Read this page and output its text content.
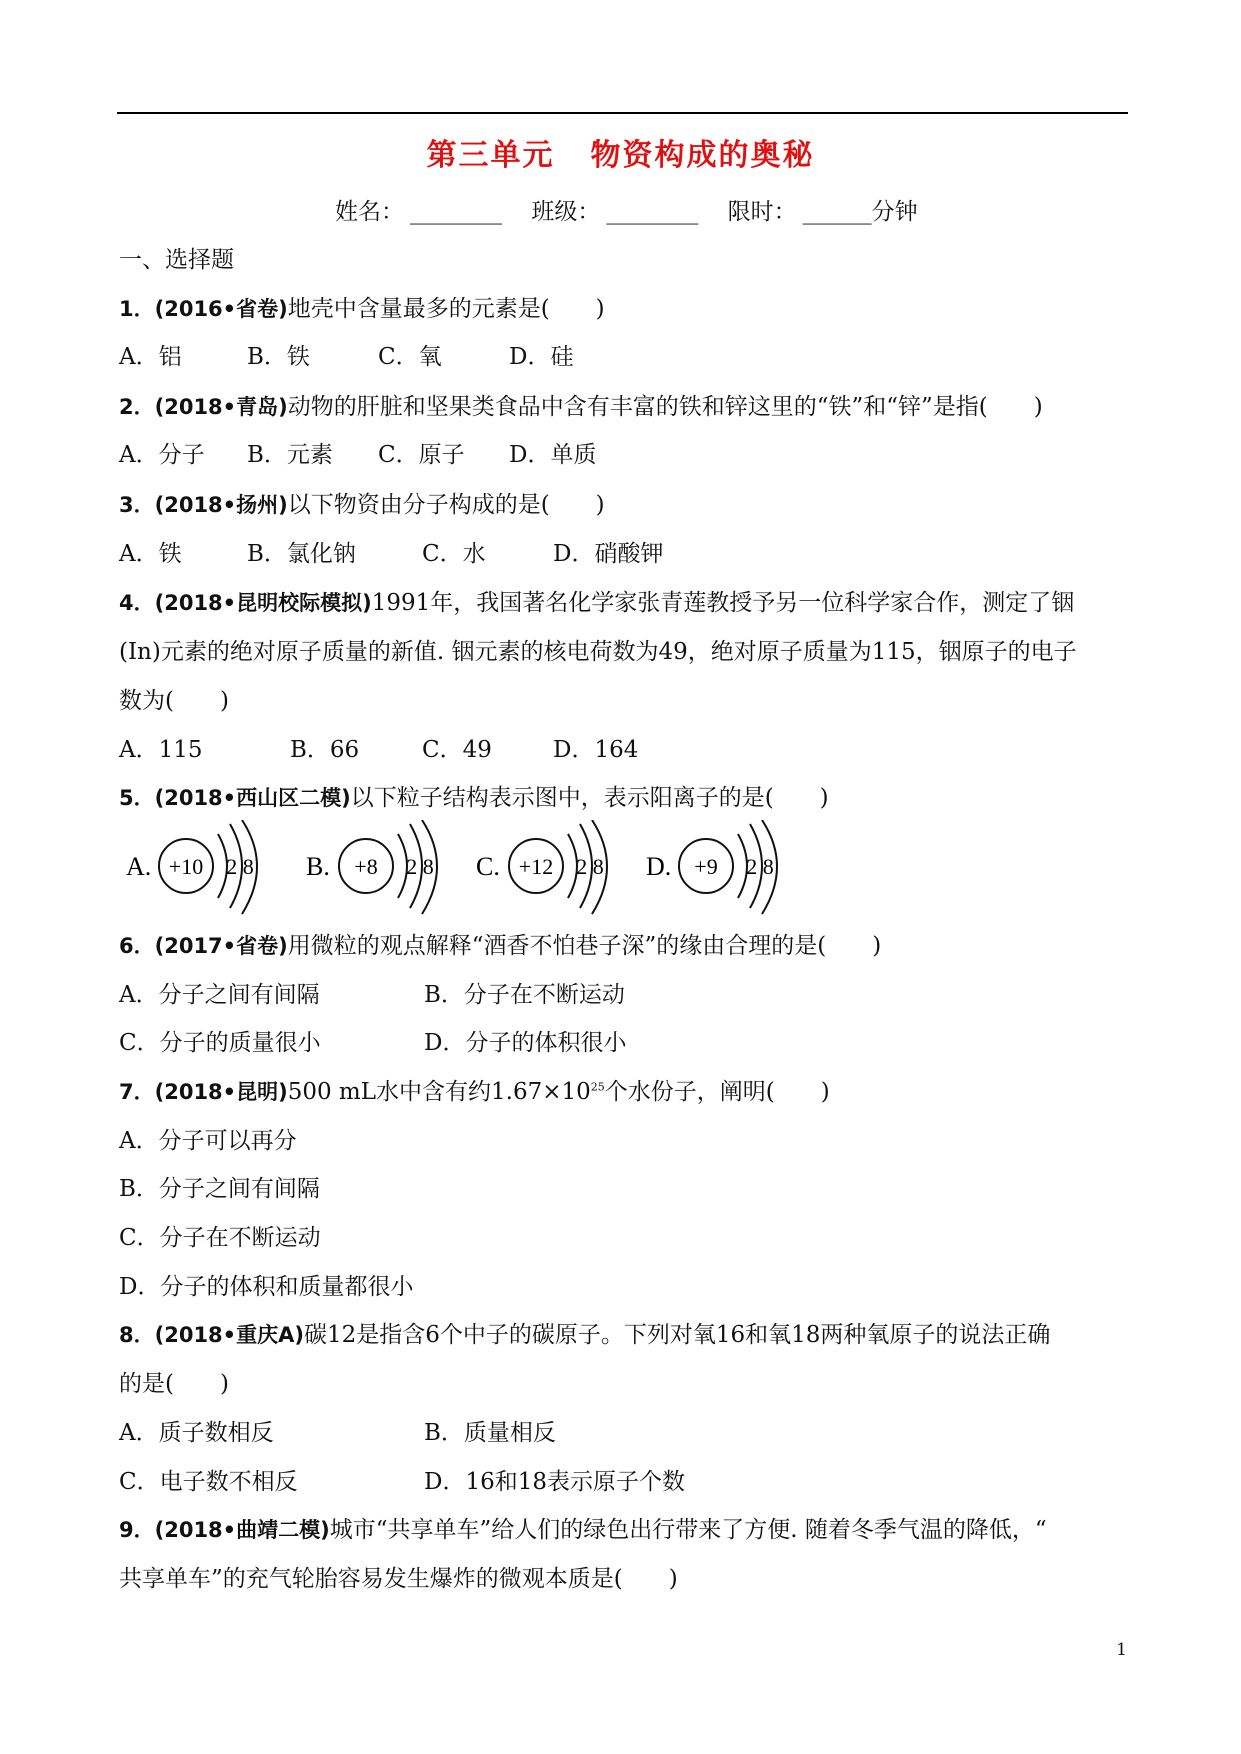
第三单元 物资构成的奥秘
姓名： ________ 班级： ________ 限时： ______分钟
一、选择题
1．(2016•省卷)地壳中含量最多的元素是(　　)
A．铝	B．铁	C．氧	D．硅
2．(2018•青岛)动物的肝脏和坚果类食品中含有丰富的铁和锌这里的“铁”和“锌”是指(　　)
A．分子 B．元素 C．原子 D．单质
3．(2018•扬州)以下物资由分子构成的是(　　)
A．铁	B．氯化钠	C．水	D．硝酸钾
4．(2018•昆明校际模拟)1991年，我国著名化学家张青莲教授予另一位科学家合作，测定了铟
(In)元素的绝对原子质量的新值. 铟元素的核电荷数为49，绝对原子质量为115，铟原子的电子
数为(　　)
A．115	B．66	C．49	D．164
5．(2018•西山区二模)以下粒子结构表示图中，表示阳离子的是(　　)
A. +10 2 8 B. +8 2 8 C. +12 2 8 D. +9 2 8
6．(2017•省卷)用微粒的观点解释“酒香不怕巷子深”的缘由合理的是(　　)
A．分子之间有间隔	B．分子在不断运动
C．分子的质量很小	D．分子的体积很小
7．(2018•昆明)500 mL水中含有约$1.67\times 10^{25}$个水份子，阐明(　　)
A．分子可以再分
B．分子之间有间隔
C．分子在不断运动
D．分子的体积和质量都很小
8．(2018•重庆A)碳12是指含6个中子的碳原子。下列对氧16和氧18两种氧原子的说法正确
的是(　　)
A．质子数相反	B．质量相反
C．电子数不相反	D．16和18表示原子个数
9．(2018•曲靖二模)城市“共享单车”给人们的绿色出行带来了方便. 随着冬季气温的降低，“
共享单车”的充气轮胎容易发生爆炸的微观本质是(　　)
1
